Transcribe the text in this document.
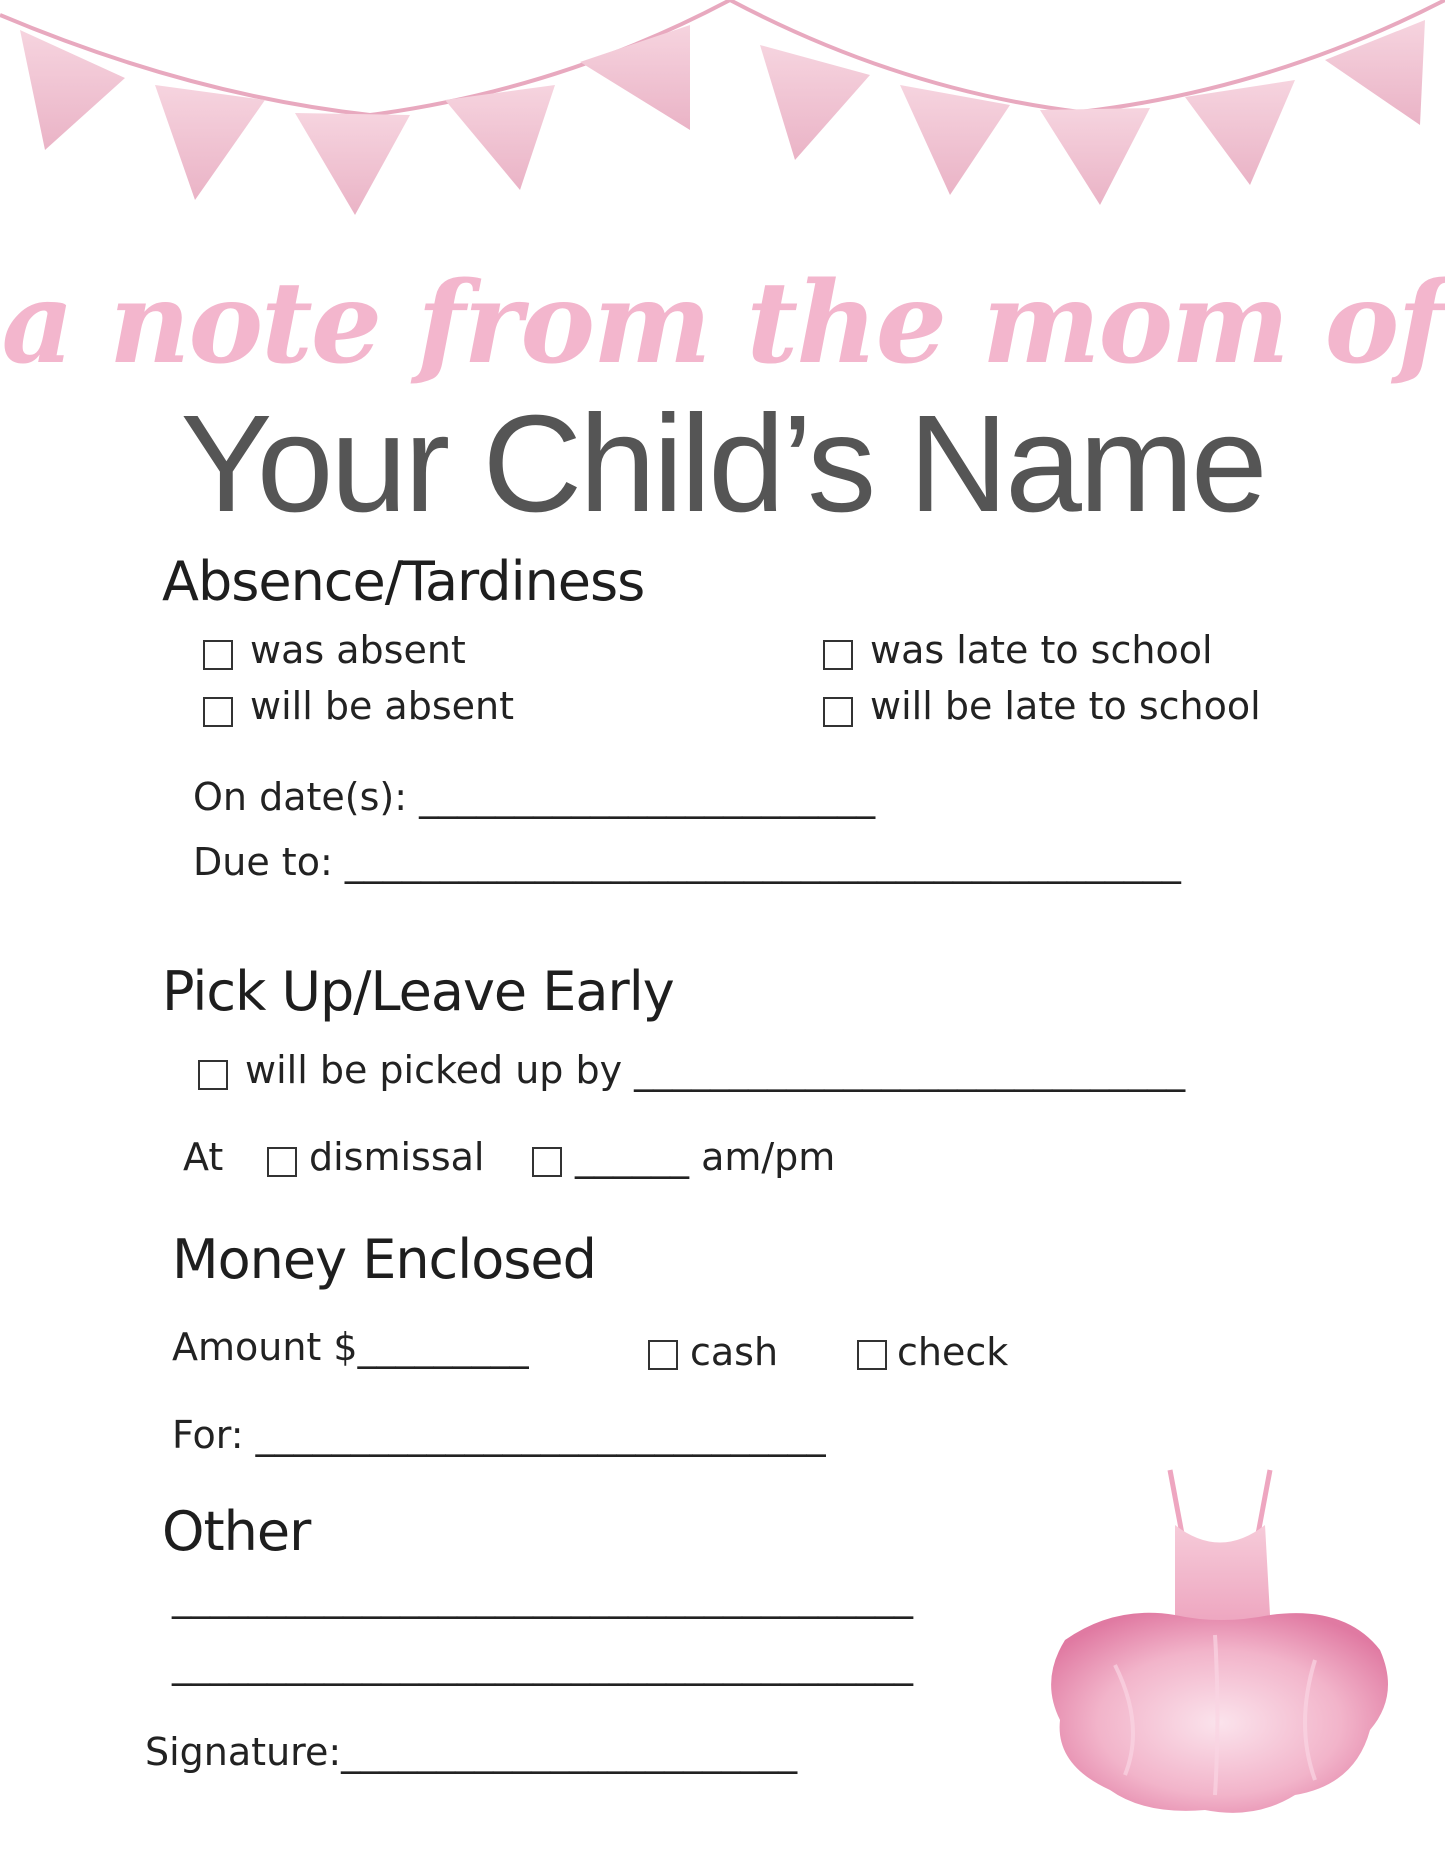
a note from the mom of
Your Child’s Name
Absence/Tardiness
was absent
will be absent
was late to school
will be late to school
On date(s): ________________________
Due to: ____________________________________________
Pick Up/Leave Early
will be picked up by _____________________________
At dismissal ______ am/pm
Money Enclosed
Amount $_________	cash	check
For: ______________________________
Other
_______________________________________
_______________________________________
Signature:________________________
